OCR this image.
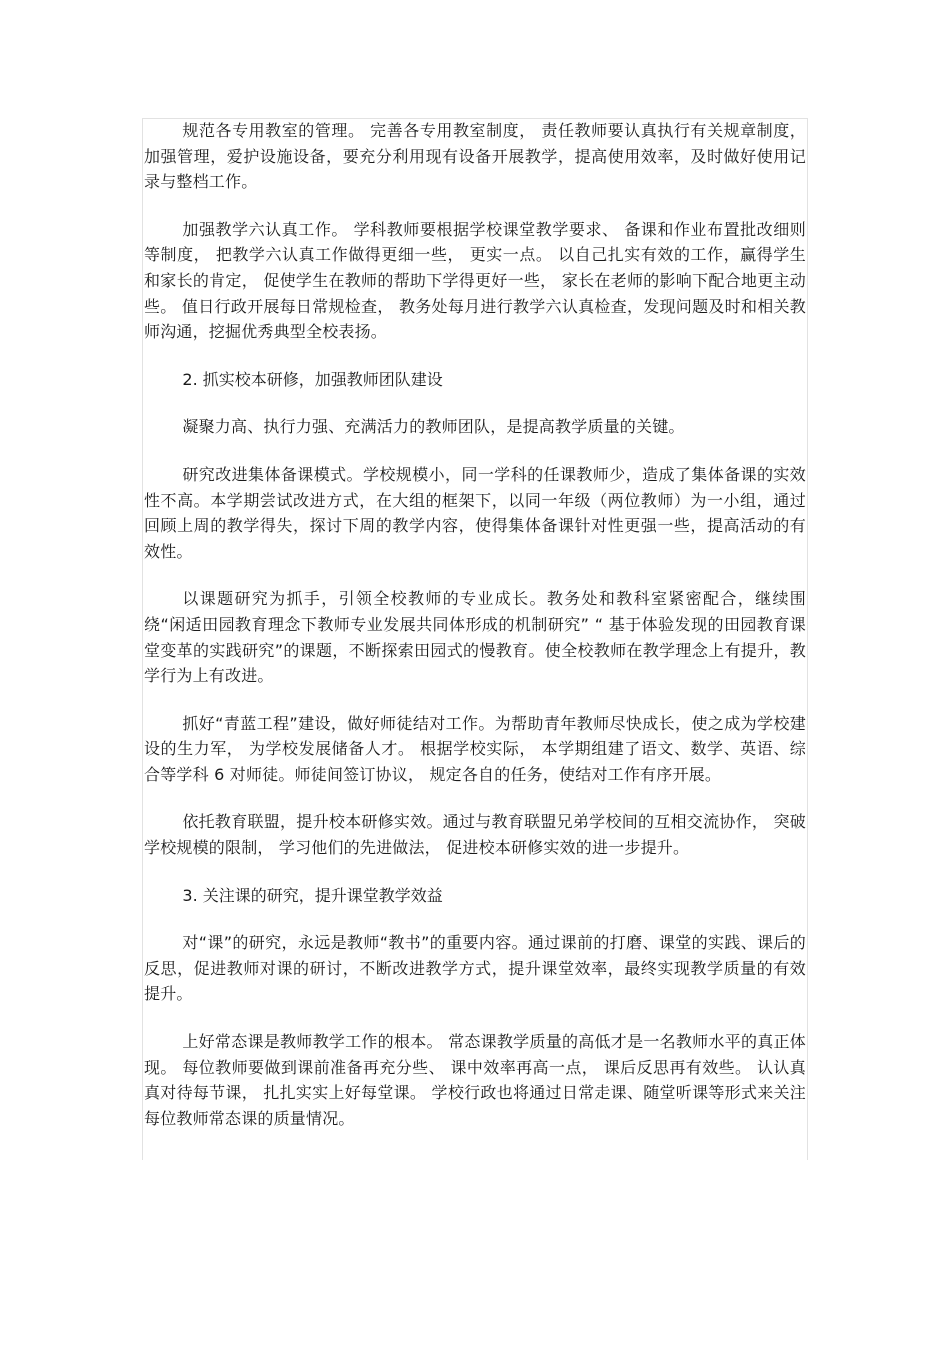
规范各专用教室的管理。 完善各专用教室制度， 责任教师要认真执行有关规章制度，加强管理，爱护设施设备，要充分利用现有设备开展教学，提高使用效率，及时做好使用记录与整档工作。

加强教学六认真工作。 学科教师要根据学校课堂教学要求、 备课和作业布置批改细则等制度， 把教学六认真工作做得更细一些， 更实一点。 以自己扎实有效的工作，赢得学生和家长的肯定， 促使学生在教师的帮助下学得更好一些， 家长在老师的影响下配合地更主动些。 值日行政开展每日常规检查， 教务处每月进行教学六认真检查，发现问题及时和相关教师沟通，挖掘优秀典型全校表扬。

2. 抓实校本研修，加强教师团队建设

凝聚力高、执行力强、充满活力的教师团队，是提高教学质量的关键。

研究改进集体备课模式。学校规模小，同一学科的任课教师少，造成了集体备课的实效性不高。本学期尝试改进方式，在大组的框架下，以同一年级（两位教师）为一小组，通过回顾上周的教学得失，探讨下周的教学内容，使得集体备课针对性更强一些，提高活动的有效性。

以课题研究为抓手，引领全校教师的专业成长。教务处和教科室紧密配合，继续围绕“闲适田园教育理念下教师专业发展共同体形成的机制研究” “ 基于体验发现的田园教育课堂变革的实践研究”的课题，不断探索田园式的慢教育。使全校教师在教学理念上有提升，教学行为上有改进。

抓好“青蓝工程”建设，做好师徒结对工作。为帮助青年教师尽快成长，使之成为学校建设的生力军， 为学校发展储备人才。 根据学校实际， 本学期组建了语文、数学、英语、综合等学科 6 对师徒。师徒间签订协议， 规定各自的任务，使结对工作有序开展。

依托教育联盟，提升校本研修实效。通过与教育联盟兄弟学校间的互相交流协作， 突破学校规模的限制， 学习他们的先进做法， 促进校本研修实效的进一步提升。

3. 关注课的研究，提升课堂教学效益

对“课”的研究，永远是教师“教书”的重要内容。通过课前的打磨、课堂的实践、课后的反思，促进教师对课的研讨，不断改进教学方式，提升课堂效率，最终实现教学质量的有效提升。

上好常态课是教师教学工作的根本。 常态课教学质量的高低才是一名教师水平的真正体现。 每位教师要做到课前准备再充分些、 课中效率再高一点， 课后反思再有效些。 认认真真对待每节课， 扎扎实实上好每堂课。 学校行政也将通过日常走课、随堂听课等形式来关注每位教师常态课的质量情况。
